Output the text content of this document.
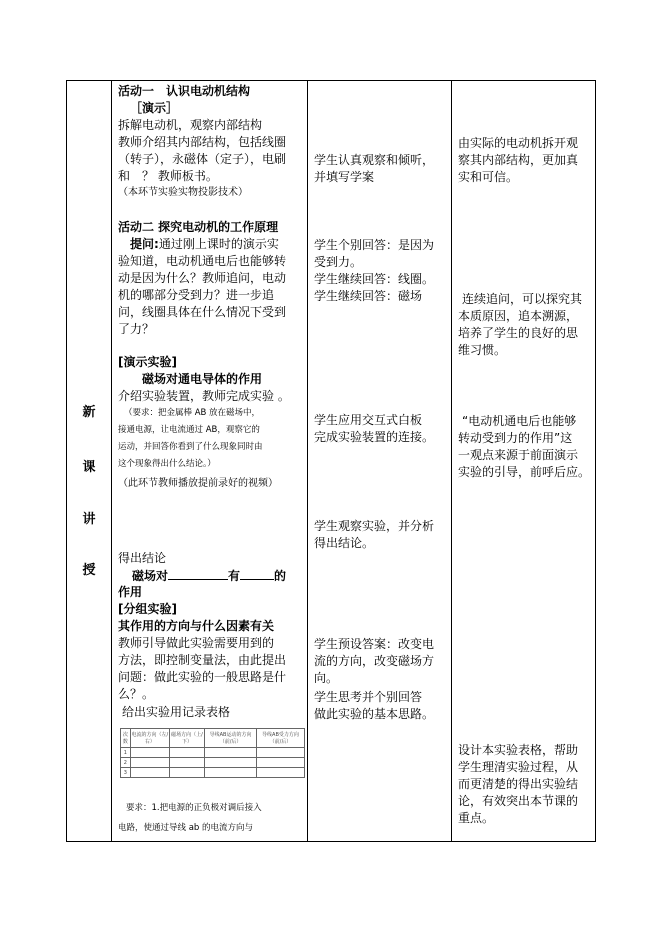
新
课
讲
授
活动一　认识电动机结构
［演示］
拆解电动机，观察内部结构
教师介绍其内部结构，包括线圈
（转子），永磁体（定子），电刷
和　？ 教师板书。
（本环节实验实物投影技术）
活动二 探究电动机的工作原理
提问:通过刚上课时的演示实
验知道，电动机通电后也能够转
动是因为什么？教师追问，电动
机的哪部分受到力？进一步追
问，线圈具体在什么情况下受到
了力？
[演示实验]
磁场对通电导体的作用
介绍实验装置，教师完成实验 。
（要求：把金属棒 AB 放在磁场中，
接通电源，让电流通过 AB，观察它的
运动，并回答你看到了什么现象同时由
这个现象得出什么结论。）
（此环节教师播放提前录好的视频）
得出结论
磁场对	有	的
作用
[分组实验]
其作用的方向与什么因素有关
教师引导做此实验需要用到的
方法，即控制变量法，由此提出
问题：做此实验的一般思路是什
么？。
给出实验用记录表格
次数	电流的方向（左/右）	磁场方向（上/下）	导线AB运动的方向（前/后）	导线AB受力方向（前/后）
1				
2				
3				
要求：1.把电源的正负极对调后接入
电路，使通过导线 ab 的电流方向与
学生认真观察和倾听，
并填写学案
学生个别回答：是因为
受到力。
学生继续回答：线圈。
学生继续回答：磁场
学生应用交互式白板
完成实验装置的连接。
学生观察实验，并分析
得出结论。
学生预设答案：改变电
流的方向，改变磁场方
向。
学生思考并个别回答
做此实验的基本思路。
由实际的电动机拆开观
察其内部结构，更加真
实和可信。
连续追问，可以探究其
本质原因，追本溯源，
培养了学生的良好的思
维习惯。
“电动机通电后也能够
转动受到力的作用”这
一观点来源于前面演示
实验的引导，前呼后应。
设计本实验表格，帮助
学生理清实验过程，从
而更清楚的得出实验结
论，有效突出本节课的
重点。
